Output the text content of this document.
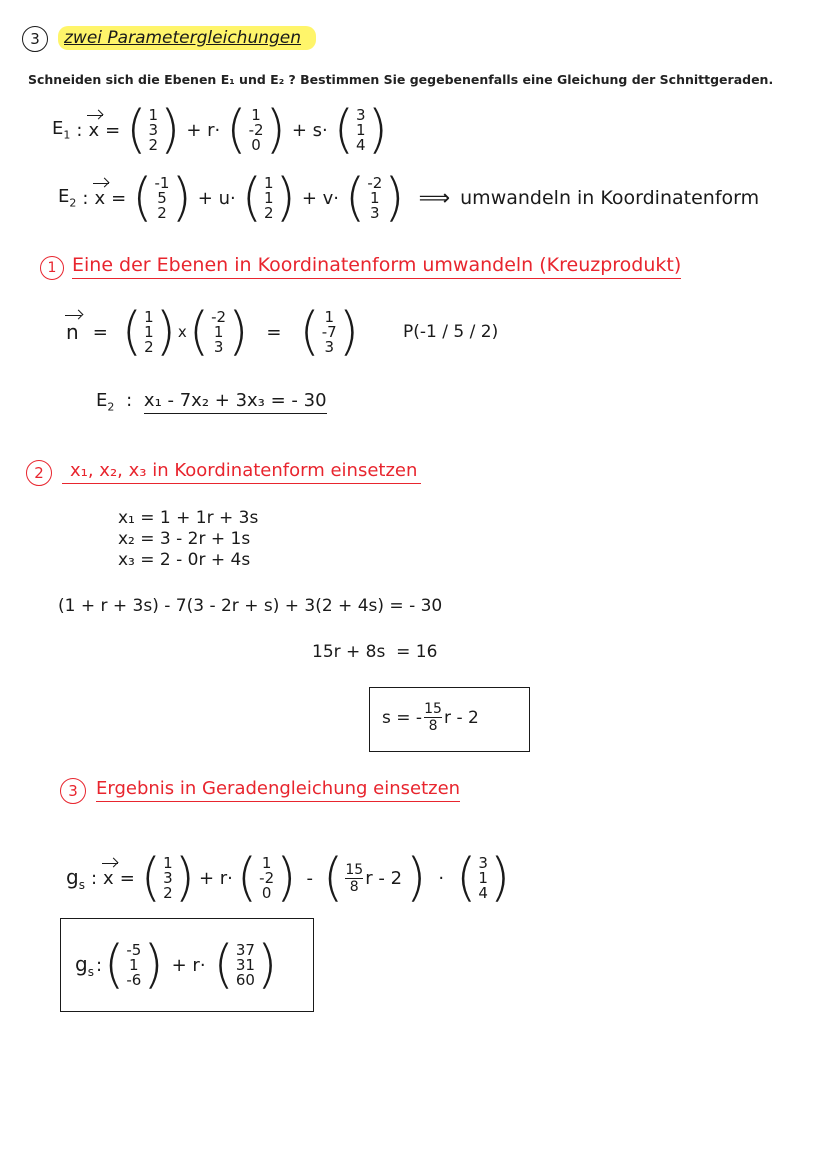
3 zwei Parametergleichungen
Schneiden sich die Ebenen E₁ und E₂ ? Bestimmen Sie gegebenenfalls eine Gleichung der Schnittgeraden.
$E_1$ : x = ( 1
3
2 ) + r· ( 1
-2
0 ) + s· ( 3
1
4 )
$E_2$ : x = ( -1
5
2 ) + u· ( 1
1
2 ) + v· ( -2
1
3 ) ⟹ umwandeln in Koordinatenform
1 Eine der Ebenen in Koordinatenform umwandeln (Kreuzprodukt)
n = ( 1
1
2 ) x ( -2
1
3 ) = ( 1
-7
3 )	P(-1 / 5 / 2)
$E_2$ : x₁ - 7x₂ + 3x₃ = - 30
2	x₁, x₂, x₃ in Koordinatenform einsetzen
x₁ = 1 + 1r + 3s
x₂ = 3 - 2r + 1s
x₃ = 2 - 0r + 4s
(1 + r + 3s) - 7(3 - 2r + s) + 3(2 + 4s) = - 30
15r + 8s  = 16
s = - $\frac{15}{8}$ r - 2
3 Ergebnis in Geradengleichung einsetzen
$g_s$ : x = ( 1
3
2 ) + r· ( 1
-2
0 ) - ( $\frac{15}{8}$ r - 2 ) · ( 3
1
4 )
$g_s$ : ( -5
1
-6 ) + r· ( 37
31
60 )
